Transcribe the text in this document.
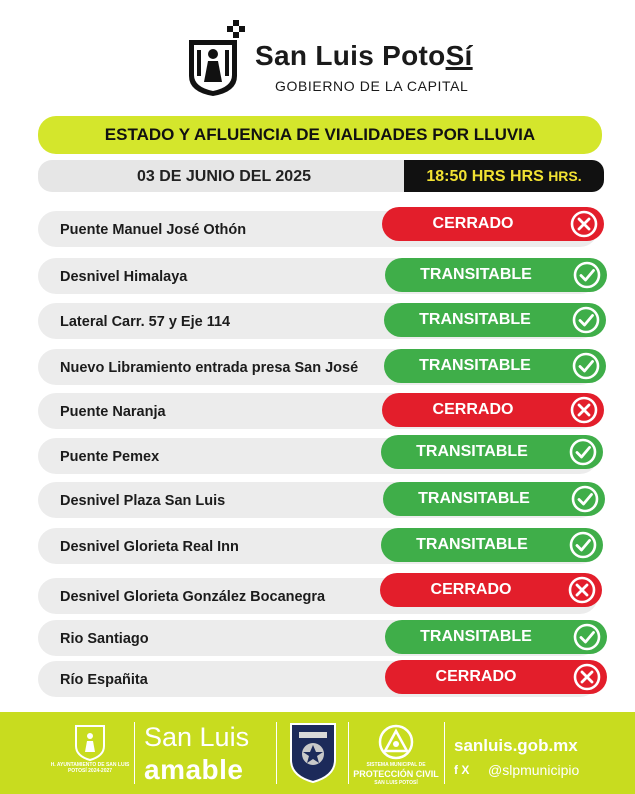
San Luis PotoSí
GOBIERNO DE LA CAPITAL
ESTADO Y AFLUENCIA DE VIALIDADES POR LLUVIA
03 DE JUNIO DEL 2025	18:50 HRS HRS HRS.
Puente Manuel José Othón	CERRADO
Desnivel Himalaya	TRANSITABLE
Lateral Carr. 57 y Eje 114	TRANSITABLE
Nuevo Libramiento entrada presa San José	TRANSITABLE
Puente Naranja	CERRADO
Puente Pemex	TRANSITABLE
Desnivel Plaza San Luis	TRANSITABLE
Desnivel Glorieta Real Inn	TRANSITABLE
Desnivel Glorieta González Bocanegra	CERRADO
Rio Santiago	TRANSITABLE
Río Españita	CERRADO
H. AYUNTAMIENTO DE SAN LUIS POTOSÍ 2024-2027
San Luis
amable	SISTEMA MUNICIPAL DE
PROTECCIÓN CIVIL
SAN LUIS POTOSÍ
sanluis.gob.mx
f X @slpmunicipio
